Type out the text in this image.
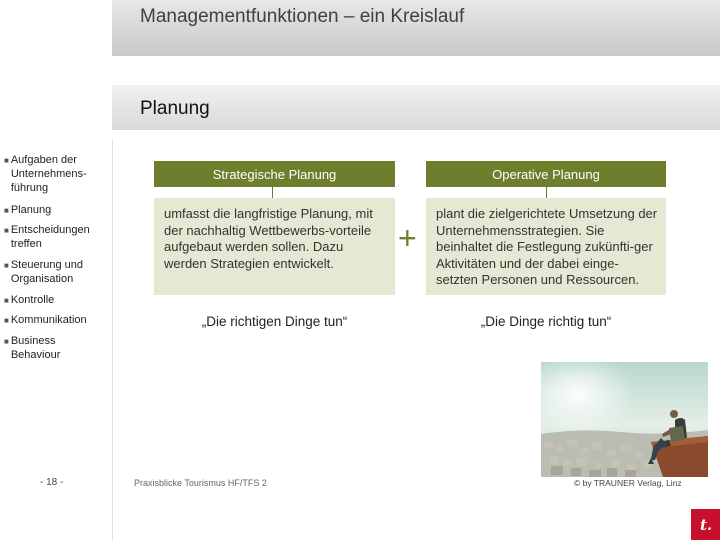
Managementfunktionen – ein Kreislauf
Planung
■ Aufgaben der
Unternehmens-
führung
■ Planung
■ Entscheidungen
treffen
■ Steuerung und
Organisation
■ Kontrolle
■ Kommunikation
■ Business
Behaviour
Strategische Planung
umfasst die langfristige Planung, mit der nachhaltig Wettbewerbs-vorteile aufgebaut werden sollen. Dazu werden Strategien entwickelt.
„Die richtigen Dinge tun“
+
Operative Planung
plant die zielgerichtete Umsetzung der Unternehmensstrategien. Sie beinhaltet die Festlegung zukünfti-ger Aktivitäten und der dabei einge-setzten Personen und Ressourcen.
„Die Dinge richtig tun“
- 18 -	Praxisblicke Tourismus HF/TFS 2	© by TRAUNER Verlag, Linz
t.
